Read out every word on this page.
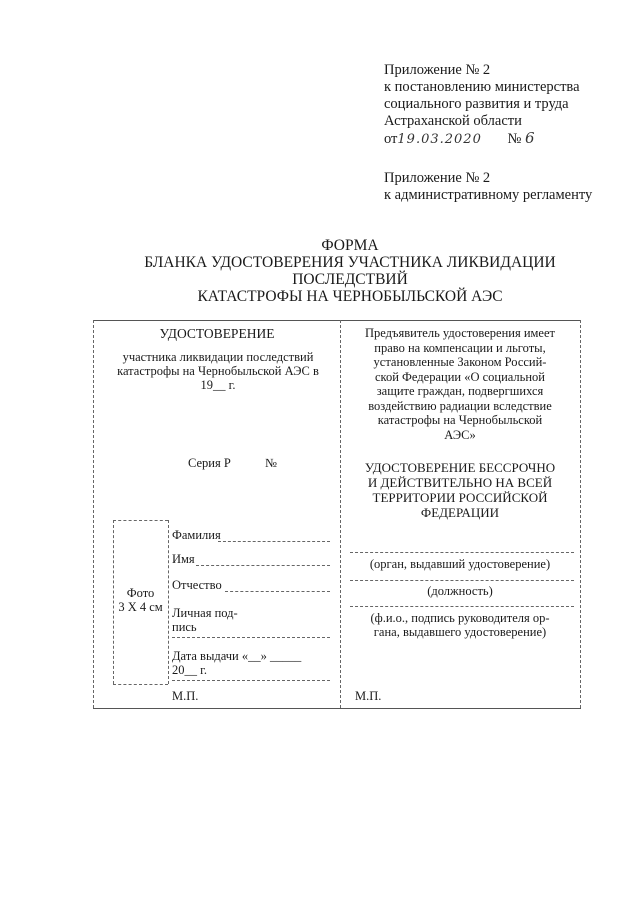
Приложение № 2
к постановлению министерства
социального развития и труда
Астраханской области
от19.03.2020 № 6
Приложение № 2
к административному регламенту
ФОРМА
БЛАНКА УДОСТОВЕРЕНИЯ УЧАСТНИКА ЛИКВИДАЦИИ
ПОСЛЕДСТВИЙ
КАТАСТРОФЫ НА ЧЕРНОБЫЛЬСКОЙ АЭС
УДОСТОВЕРЕНИЕ
участника ликвидации последствий
катастрофы на Чернобыльской АЭС в
19__ г.
Серия Р	№
Фото
3 Х 4 см
Фамилия
Имя
Отчество
Личная под-
пись
Дата выдачи «__» _____
20__ г.
М.П.
Предъявитель удостоверения имеет
право на компенсации и льготы,
установленные Законом Россий-
ской Федерации «О социальной
защите граждан, подвергшихся
воздействию радиации вследствие
катастрофы на Чернобыльской
АЭС»
УДОСТОВЕРЕНИЕ БЕССРОЧНО
И ДЕЙСТВИТЕЛЬНО НА ВСЕЙ
ТЕРРИТОРИИ РОССИЙСКОЙ
ФЕДЕРАЦИИ
(орган, выдавший удостоверение)
(должность)
(ф.и.о., подпись руководителя ор-
гана, выдавшего удостоверение)
М.П.
